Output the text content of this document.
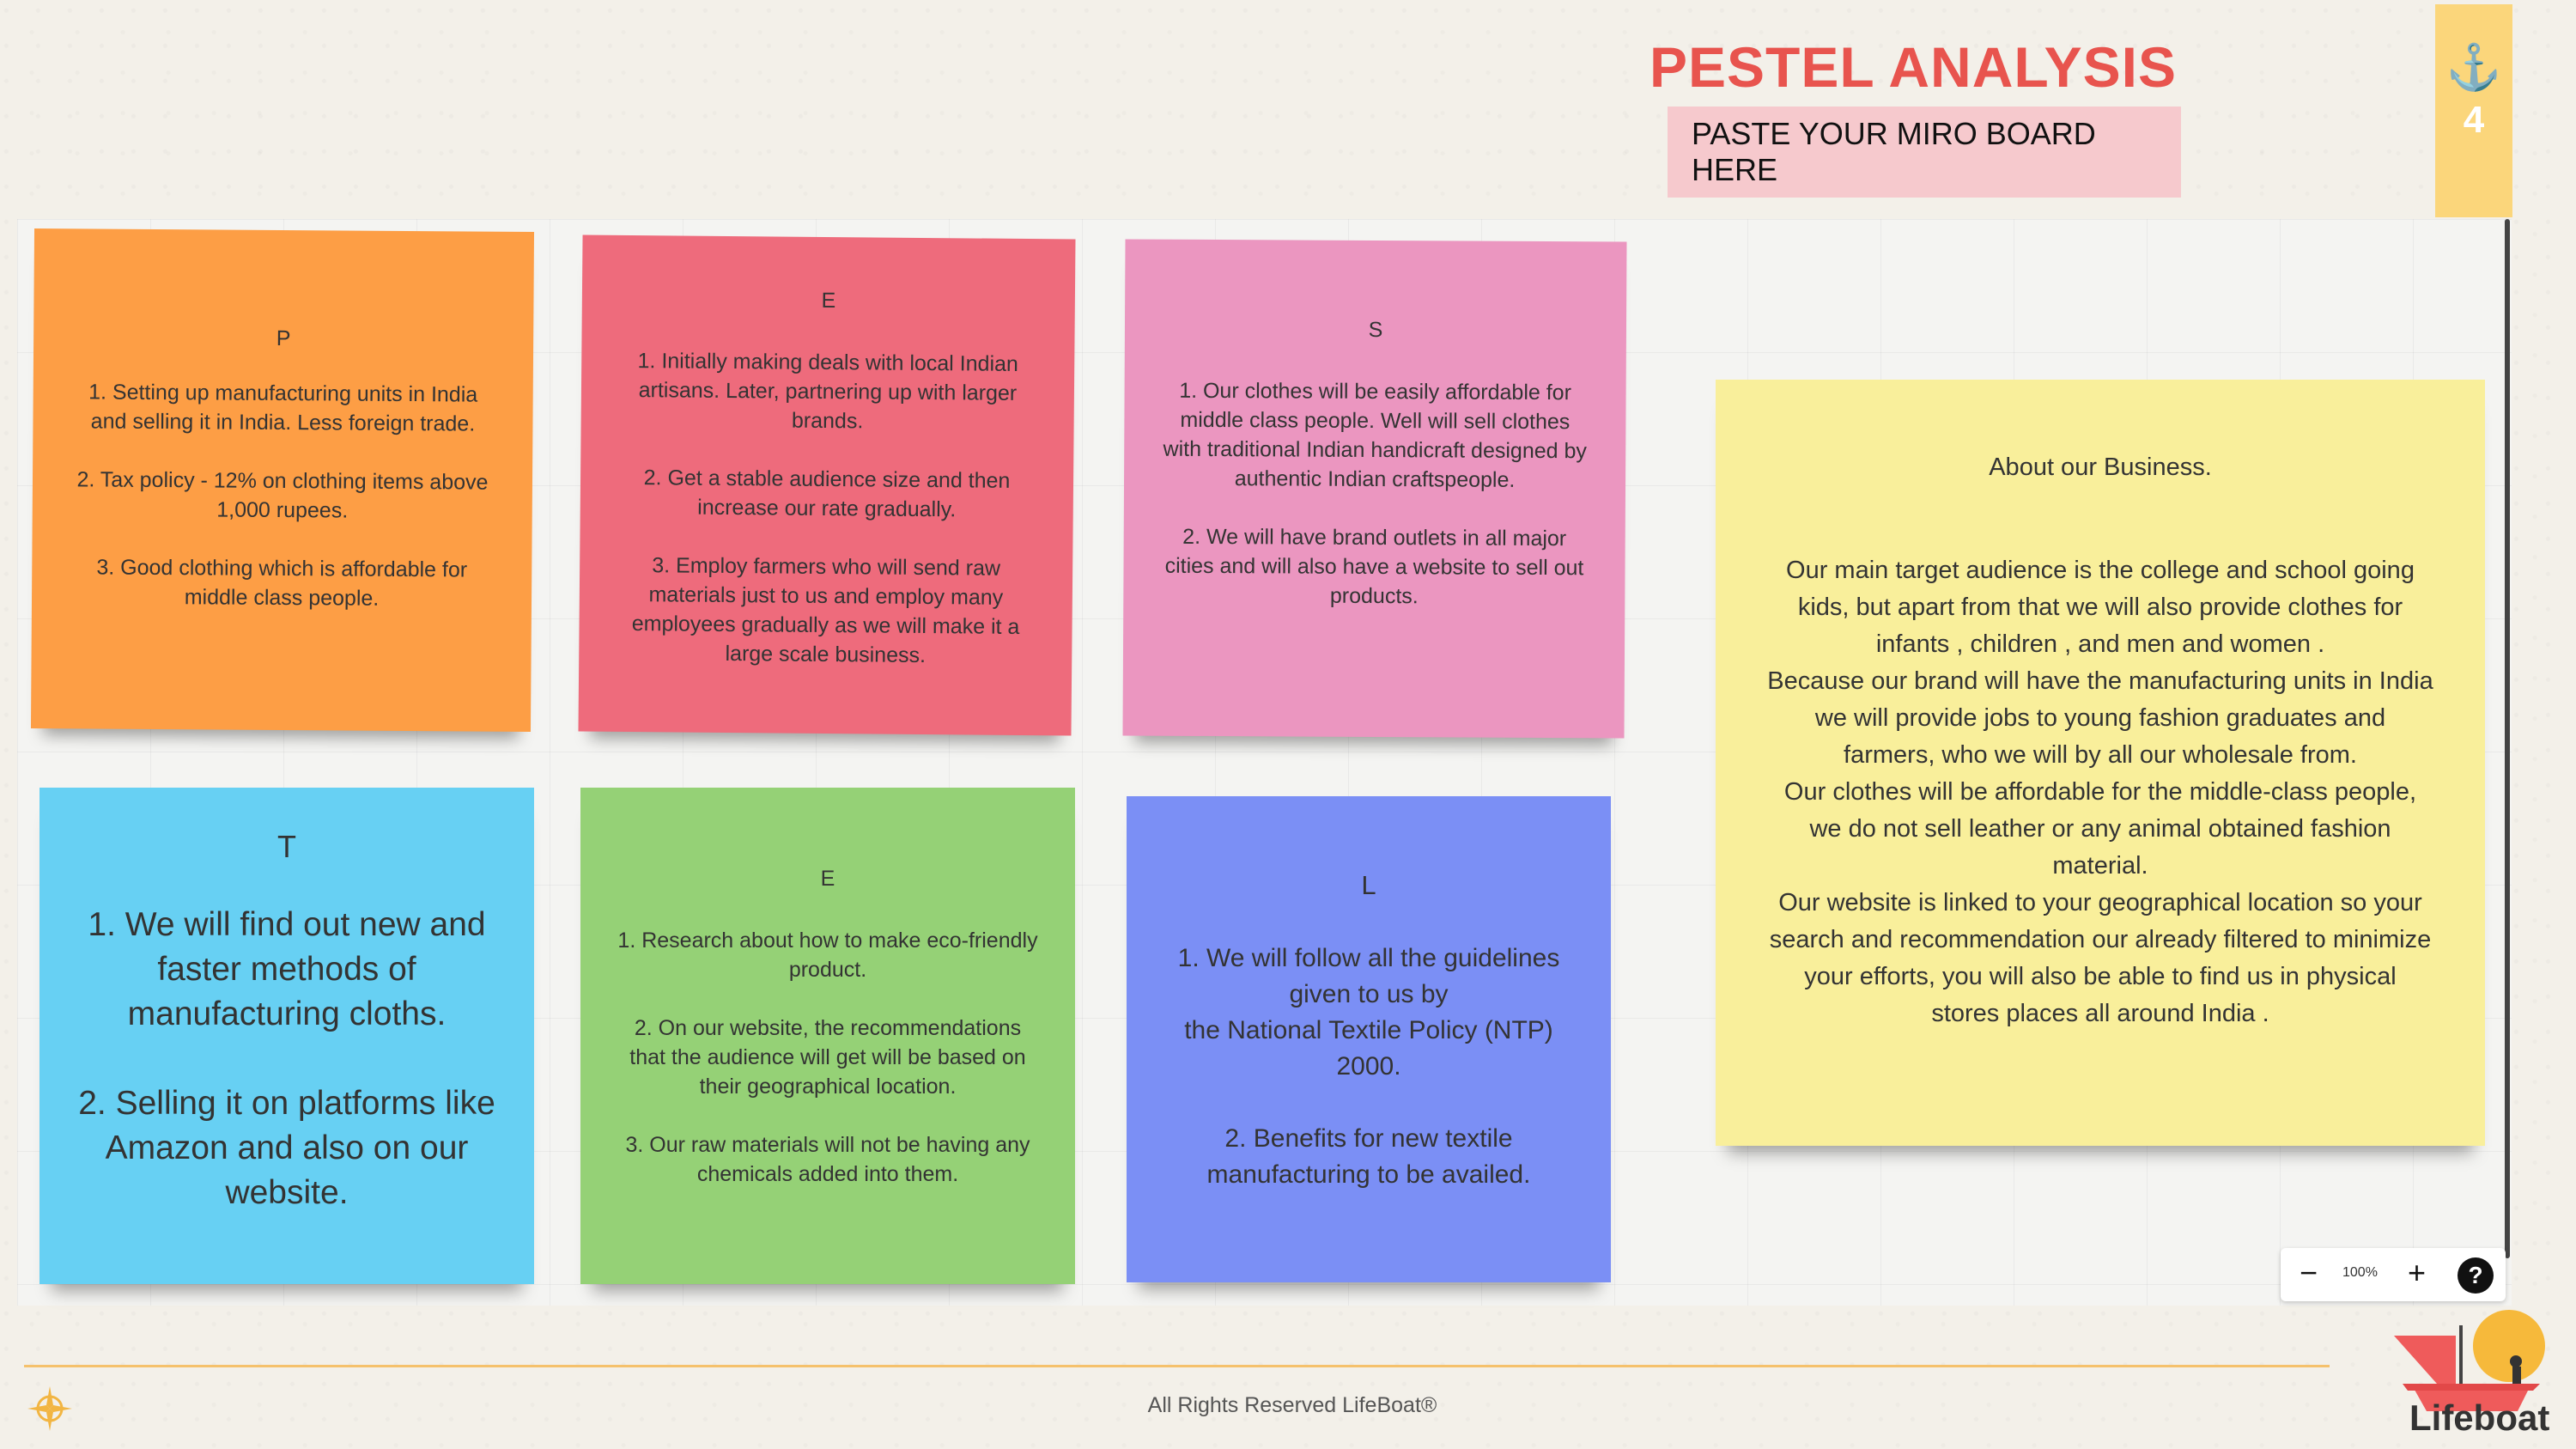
PESTEL ANALYSIS
PASTE YOUR MIRO BOARD HERE
⚓
4
P
1. Setting up manufacturing units in India and selling it in India. Less foreign trade.

2. Tax policy - 12% on clothing items above 1,000 rupees.

3. Good clothing which is affordable for middle class people.
E
1. Initially making deals with local Indian artisans. Later, partnering up with larger brands.

2. Get a stable audience size and then increase our rate gradually.

3. Employ farmers who will send raw materials just to us and employ many employees gradually as we will make it a large scale business.
S
1. Our clothes will be easily affordable for middle class people. Well will sell clothes with traditional Indian handicraft designed by authentic Indian craftspeople.

2. We will have brand outlets in all major cities and will also have a website to sell out products.
T
1. We will find out new and faster methods of manufacturing cloths.

2. Selling it on platforms like Amazon and also on our website.
E
1. Research about how to make eco-friendly product.

2. On our website, the recommendations that the audience will get will be based on their geographical location.

3. Our raw materials will not be having any chemicals added into them.
L
1. We will follow all the guidelines given to us by
the National Textile Policy (NTP) 2000.

2. Benefits for new textile manufacturing to be availed.
About our Business.
Our main target audience is the college and school going kids, but apart from that we will also provide clothes for infants , children , and men and women .
Because our brand will have the manufacturing units in India we will provide jobs to young fashion graduates and farmers, who we will by all our wholesale from.
Our clothes will be affordable for the middle-class people, we do not sell leather or any animal obtained fashion material.
Our website is linked to your geographical location so your search and recommendation our already filtered to minimize your efforts, you will also be able to find us in physical stores places all around India .
− 100% +	?
All Rights Reserved LifeBoat®	Lifeboat
